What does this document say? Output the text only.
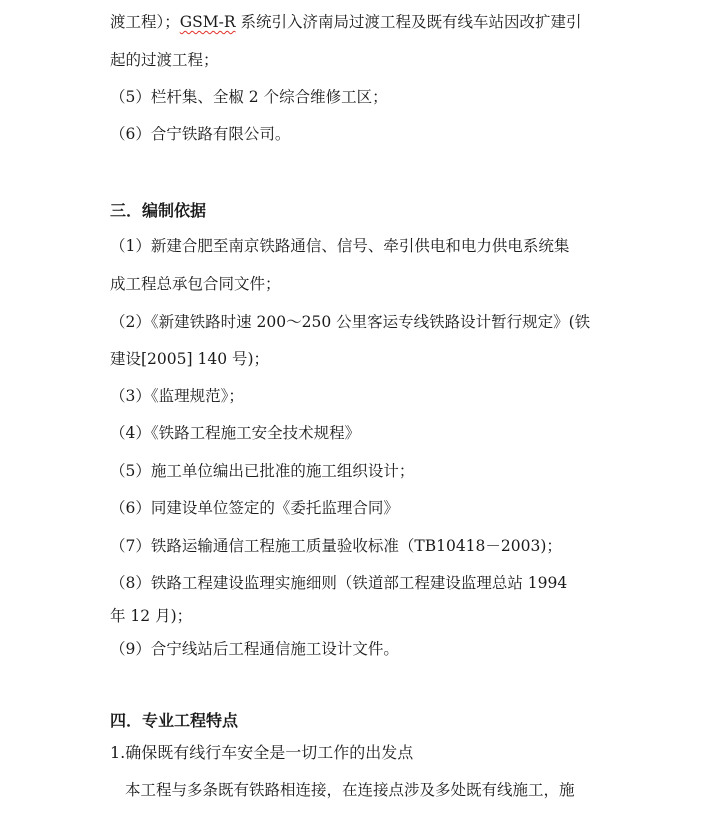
渡工程）；GSM-R 系统引入济南局过渡工程及既有线车站因改扩建引
起的过渡工程；
（5）栏杆集、全椒 2 个综合维修工区；
（6）合宁铁路有限公司。
三．编制依据
（1）新建合肥至南京铁路通信、信号、牵引供电和电力供电系统集
成工程总承包合同文件；
（2）《新建铁路时速 200～250 公里客运专线铁路设计暂行规定》(铁
建设[2005] 140 号)；
（3）《监理规范》；
（4）《铁路工程施工安全技术规程》
（5）施工单位编出已批准的施工组织设计；
（6）同建设单位签定的《委托监理合同》
（7）铁路运输通信工程施工质量验收标准（TB10418－2003)；
（8）铁路工程建设监理实施细则（铁道部工程建设监理总站 1994
年 12 月)；
（9）合宁线站后工程通信施工设计文件。
四．专业工程特点
1.确保既有线行车安全是一切工作的出发点
本工程与多条既有铁路相连接，在连接点涉及多处既有线施工，施
